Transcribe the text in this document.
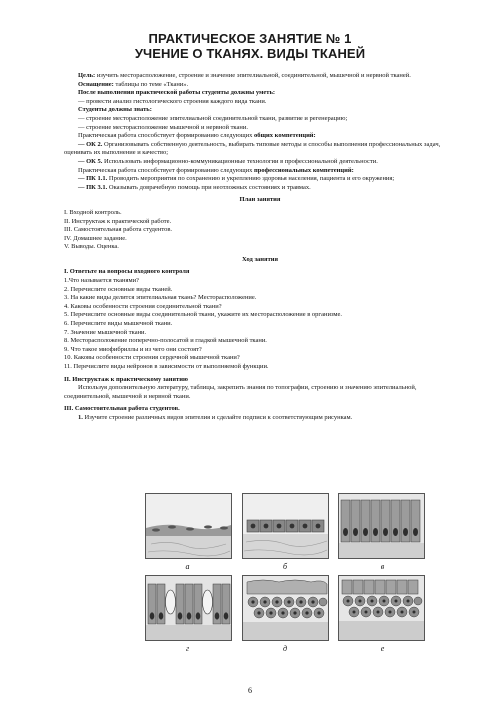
ПРАКТИЧЕСКОЕ ЗАНЯТИЕ № 1
УЧЕНИЕ О ТКАНЯХ. ВИДЫ ТКАНЕЙ

Цель: изучить месторасположение, строение и значение эпителиальной, соединительной, мышечной и нервной тканей.

Оснащение: таблицы по теме «Ткани».

После выполнения практической работы студенты должны уметь:

— провести анализ гистологического строения каждого вида ткани.

Студенты должны знать:

— строение месторасположение эпителиальной соединительной ткани, развитие и регенерацию;

— строение месторасположение мышечной и нервной ткани.

Практическая работа способствует формированию следующих общих компетенций:

— ОК 2. Организовывать собственную деятельность, выбирать типовые методы и способы выполнения профессиональных задач, оценивать их выполнение и качество;

— ОК 5. Использовать информационно-коммуникационные технологии в профессиональной деятельности.

Практическая работа способствует формированию следующих профессиональных компетенций:

— ПК 1.1. Проводить мероприятия по сохранению и укреплению здоровья населения, пациента и его окружения;

— ПК 3.1. Оказывать доврачебную помощь при неотложных состояниях и травмах.

План занятия

I. Входной контроль.

II. Инструктаж к практической работе.

III. Самостоятельная работа студентов.

IV. Домашнее задание.

V. Выводы. Оценка.

Ход занятия

I. Ответьте на вопросы входного контроля

1.Что называется тканями?

2. Перечислите основные виды тканей.

3. На какие виды делится эпителиальная ткань? Месторасположение.

4. Каковы особенности строения соединительной ткани?

5. Перечислите основные виды соединительной ткани, укажите их месторасположение в организме.

6. Перечислите виды мышечной ткани.

7. Значение мышечной ткани.

8. Месторасположение поперечно-полосатой и гладкой мышечной ткани.

9. Что такое миофибриллы и из чего они состоят?

10. Каковы особенности строения сердечной мышечной ткани?

11. Перечислите виды нейронов в зависимости от выполняемой функции.

II. Инструктаж к практическому занятию

Используя дополнительную литературу, таблицы, закрепить знания по топографии, строению и значению эпителиальной, соединительной, мышечной и нервной ткани.

III. Самостоятельная работа студентов.

1. Изучите строение различных видов эпителия и сделайте подписи к соответствующим рисункам.

а	б	в
г	д	е
6
